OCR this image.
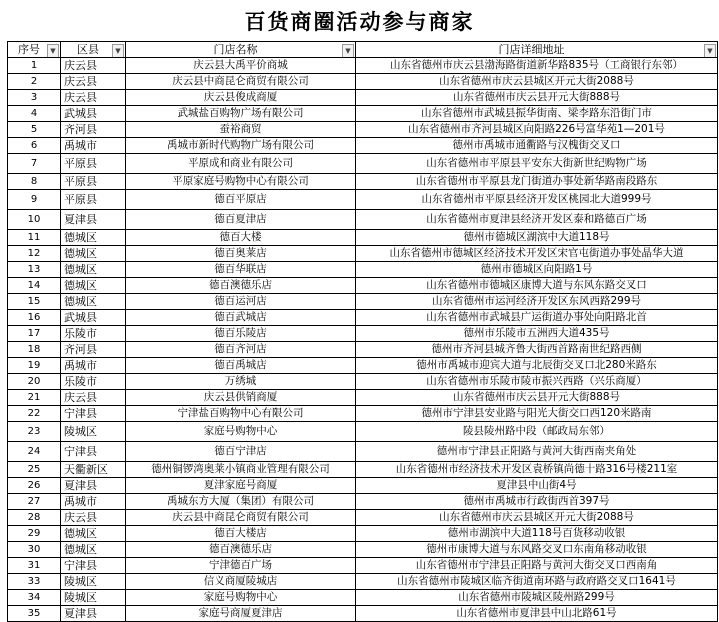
百货商圈活动参与商家
序号 ▼	区县 ▼	门店名称 ▼	门店详细地址 ▼

1	庆云县	庆云县大禹平价商城	山东省德州市庆云县渤海路街道新华路835号（工商银行东邻）
2	庆云县	庆云县中商昆仑商贸有限公司	山东省德州市庆云县城区开元大街2088号
3	庆云县	庆云县俊成商厦	山东省德州市庆云县开元大街888号
4	武城县	武城盐百购物广场有限公司	山东省德州市武城县振华街南、梁李路东沿街门市
5	齐河县	蚕裕商贸	山东省德州市齐河县城区向阳路226号富华苑1—201号
6	禹城市	禹城市新时代购物广场有限公司	德州市禹城市通衢路与汉槐街交叉口
7	平原县	平原成和商业有限公司	山东省德州市平原县平安东大街新世纪购物广场
8	平原县	平原家庭号购物中心有限公司	山东省德州市平原县龙门街道办事处新华路南段路东
9	平原县	德百平原店	山东省德州市平原县经济开发区桃园北大道999号
10	夏津县	德百夏津店	山东省德州市夏津县经济开发区泰和路德百广场
11	德城区	德百大楼	德州市德城区湖滨中大道118号
12	德城区	德百奥莱店	山东省德州市德城区经济技术开发区宋官屯街道办事处晶华大道
13	德城区	德百华联店	德州市德城区向阳路1号
14	德城区	德百澳德乐店	山东省德州市德城区康博大道与东风东路交叉口
15	德城区	德百运河店	山东省德州市运河经济开发区东风西路299号
16	武城县	德百武城店	山东省德州市武城县广运街道办事处向阳路北首
17	乐陵市	德百乐陵店	德州市乐陵市五洲西大道435号
18	齐河县	德百齐河店	德州市齐河县城齐鲁大街西首路南世纪路西侧
19	禹城市	德百禹城店	德州市禹城市迎宾大道与北辰街交叉口北280米路东
20	乐陵市	万绣城	山东省德州市乐陵市陵市振兴西路（兴乐商厦）
21	庆云县	庆云县供销商厦	山东省德州市庆云县开元大街888号
22	宁津县	宁津盐百购物中心有限公司	德州市宁津县安业路与阳光大街交口西120米路南
23	陵城区	家庭号购物中心	陵县陵州路中段（邮政局东邻）
24	宁津县	德百宁津店	德州市宁津县正阳路与黄河大街西南夹角处
25	天衢新区	德州铜锣湾奥莱小镇商业管理有限公司	山东省德州市经济技术开发区袁桥镇尚德十路316号楼211室
26	夏津县	夏津家庭号商厦	夏津县中山街4号
27	禹城市	禹城东方大厦（集团）有限公司	德州市禹城市行政街西首397号
28	庆云县	庆云县中商昆仑商贸有限公司	山东省德州市庆云县城区开元大街2088号
29	德城区	德百大楼店	德州市湖滨中大道118号百货移动收银
30	德城区	德百澳德乐店	德州市康博大道与东风路交叉口东南角移动收银
31	宁津县	宁津德百广场	山东省德州市宁津县正阳路与黄河大街交叉口西南角
33	陵城区	信义商厦陵城店	山东省德州市陵城区临齐街道南环路与政府路交叉口1641号
34	陵城区	家庭号购物中心	山东省德州市陵城区陵州路299号
35	夏津县	家庭号商厦夏津店	山东省德州市夏津县中山北路61号
